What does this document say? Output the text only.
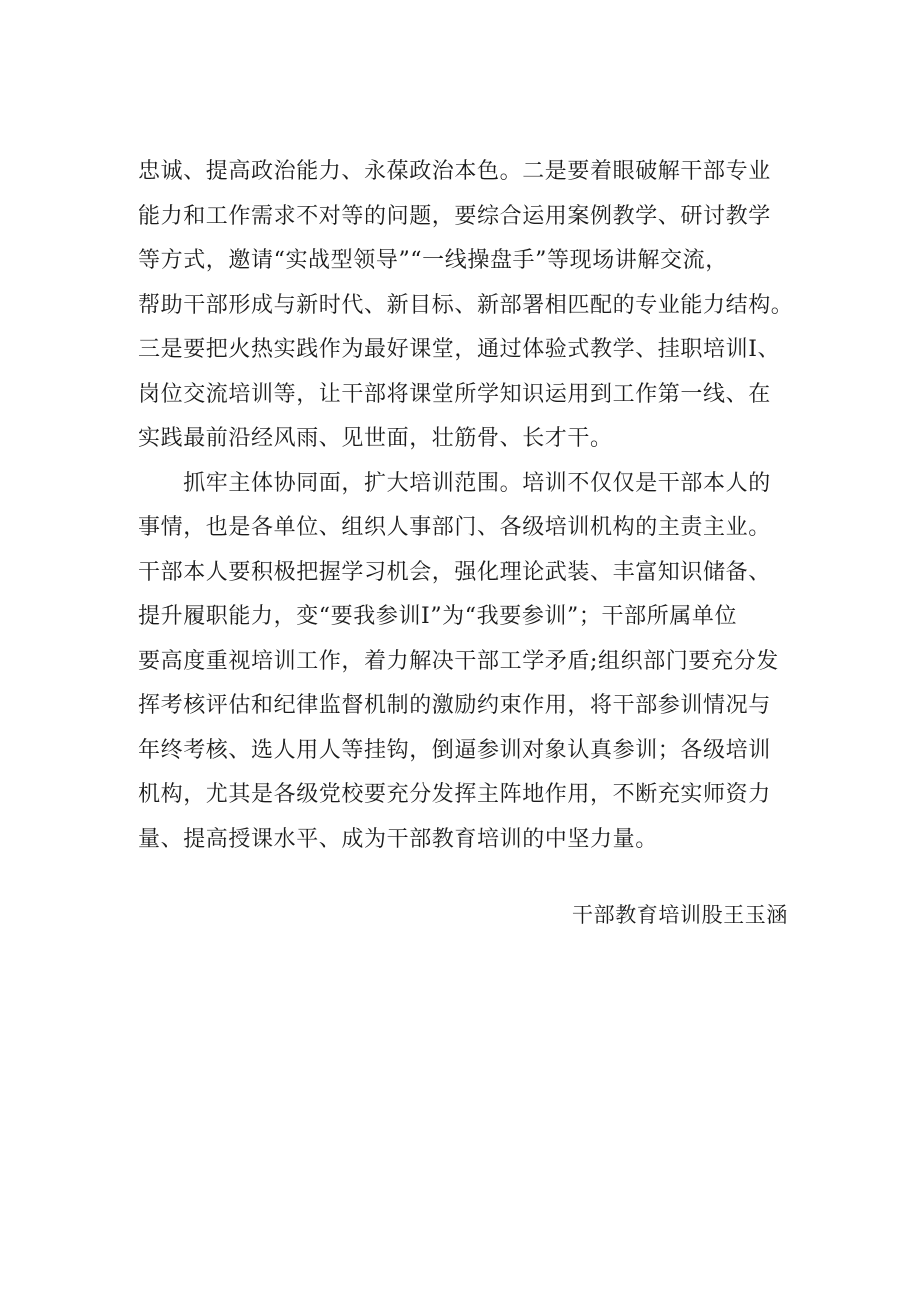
忠诚、提高政治能力、永葆政治本色。二是要着眼破解干部专业
能力和工作需求不对等的问题，要综合运用案例教学、研讨教学
等方式，邀请“实战型领导”“一线操盘手”等现场讲解交流，
帮助干部形成与新时代、新目标、新部署相匹配的专业能力结构。
三是要把火热实践作为最好课堂，通过体验式教学、挂职培训Ⅰ、
岗位交流培训等，让干部将课堂所学知识运用到工作第一线、在
实践最前沿经风雨、见世面，壮筋骨、长才干。
　　抓牢主体协同面，扩大培训范围。培训不仅仅是干部本人的
事情，也是各单位、组织人事部门、各级培训机构的主责主业。
干部本人要积极把握学习机会，强化理论武装、丰富知识储备、
提升履职能力，变“要我参训Ⅰ”为“我要参训”；干部所属单位
要高度重视培训工作，着力解决干部工学矛盾;组织部门要充分发
挥考核评估和纪律监督机制的激励约束作用，将干部参训情况与
年终考核、选人用人等挂钩，倒逼参训对象认真参训；各级培训
机构，尤其是各级党校要充分发挥主阵地作用，不断充实师资力
量、提高授课水平、成为干部教育培训的中坚力量。
干部教育培训股王玉涵
